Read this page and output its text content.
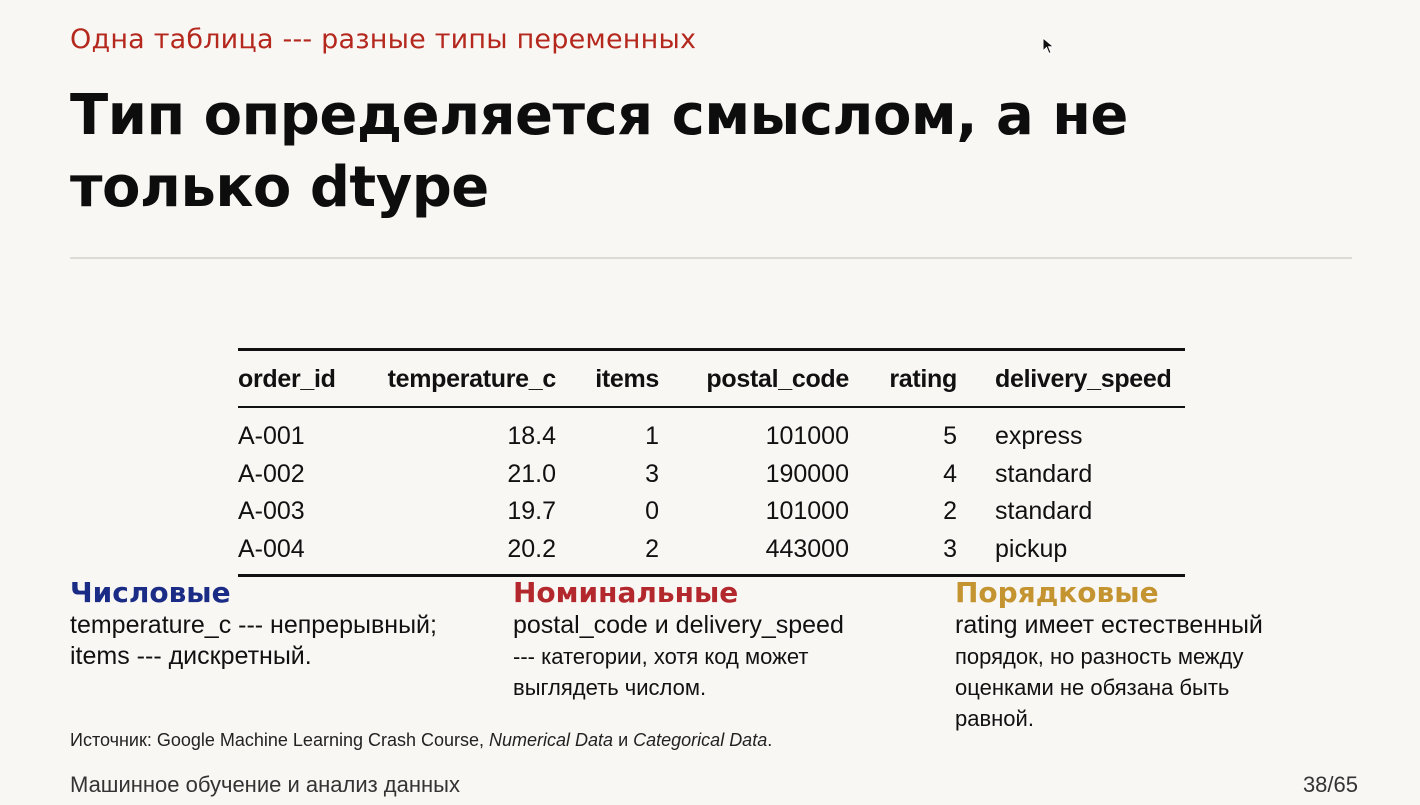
Одна таблица --- разные типы переменных
Тип определяется смыслом, а не только dtype
order_id	temperature_c	items	postal_code	rating	delivery_speed
A-001	18.4	1	101000	5	express
A-002	21.0	3	190000	4	standard
A-003	19.7	0	101000	2	standard
A-004	20.2	2	443000	3	pickup
Числовые
temperature_c --- непрерывный;
items --- дискретный.
Номинальные
postal_code и delivery_speed
--- категории, хотя код может
выглядеть числом.
Порядковые
rating имеет естественный
порядок, но разность между
оценками не обязана быть
равной.
Источник: Google Machine Learning Crash Course, Numerical Data и Categorical Data.
Машинное обучение и анализ данных	38/65
